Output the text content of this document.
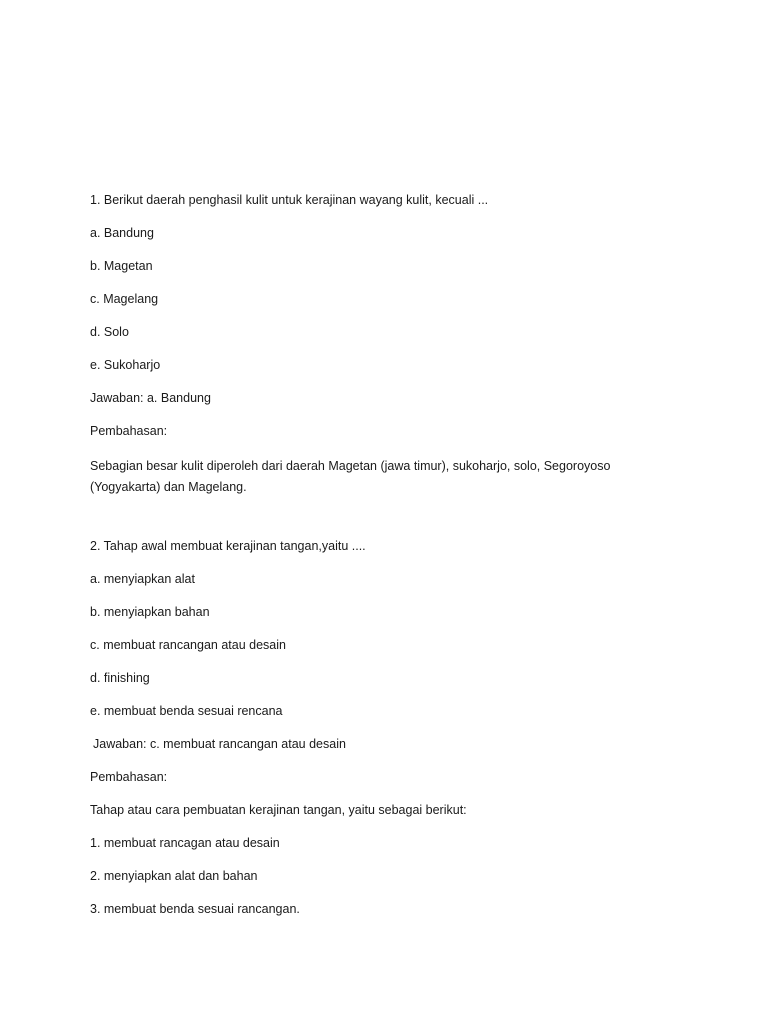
1. Berikut daerah penghasil kulit untuk kerajinan wayang kulit, kecuali ...
a. Bandung
b. Magetan
c. Magelang
d. Solo
e. Sukoharjo
Jawaban: a. Bandung
Pembahasan:
Sebagian besar kulit diperoleh dari daerah Magetan (jawa timur), sukoharjo, solo, Segoroyoso
(Yogyakarta) dan Magelang.
2. Tahap awal membuat kerajinan tangan,yaitu ....
a. menyiapkan alat
b. menyiapkan bahan
c. membuat rancangan atau desain
d. finishing
e. membuat benda sesuai rencana
Jawaban: c. membuat rancangan atau desain
Pembahasan:
Tahap atau cara pembuatan kerajinan tangan, yaitu sebagai berikut:
1. membuat rancagan atau desain
2. menyiapkan alat dan bahan
3. membuat benda sesuai rancangan.
